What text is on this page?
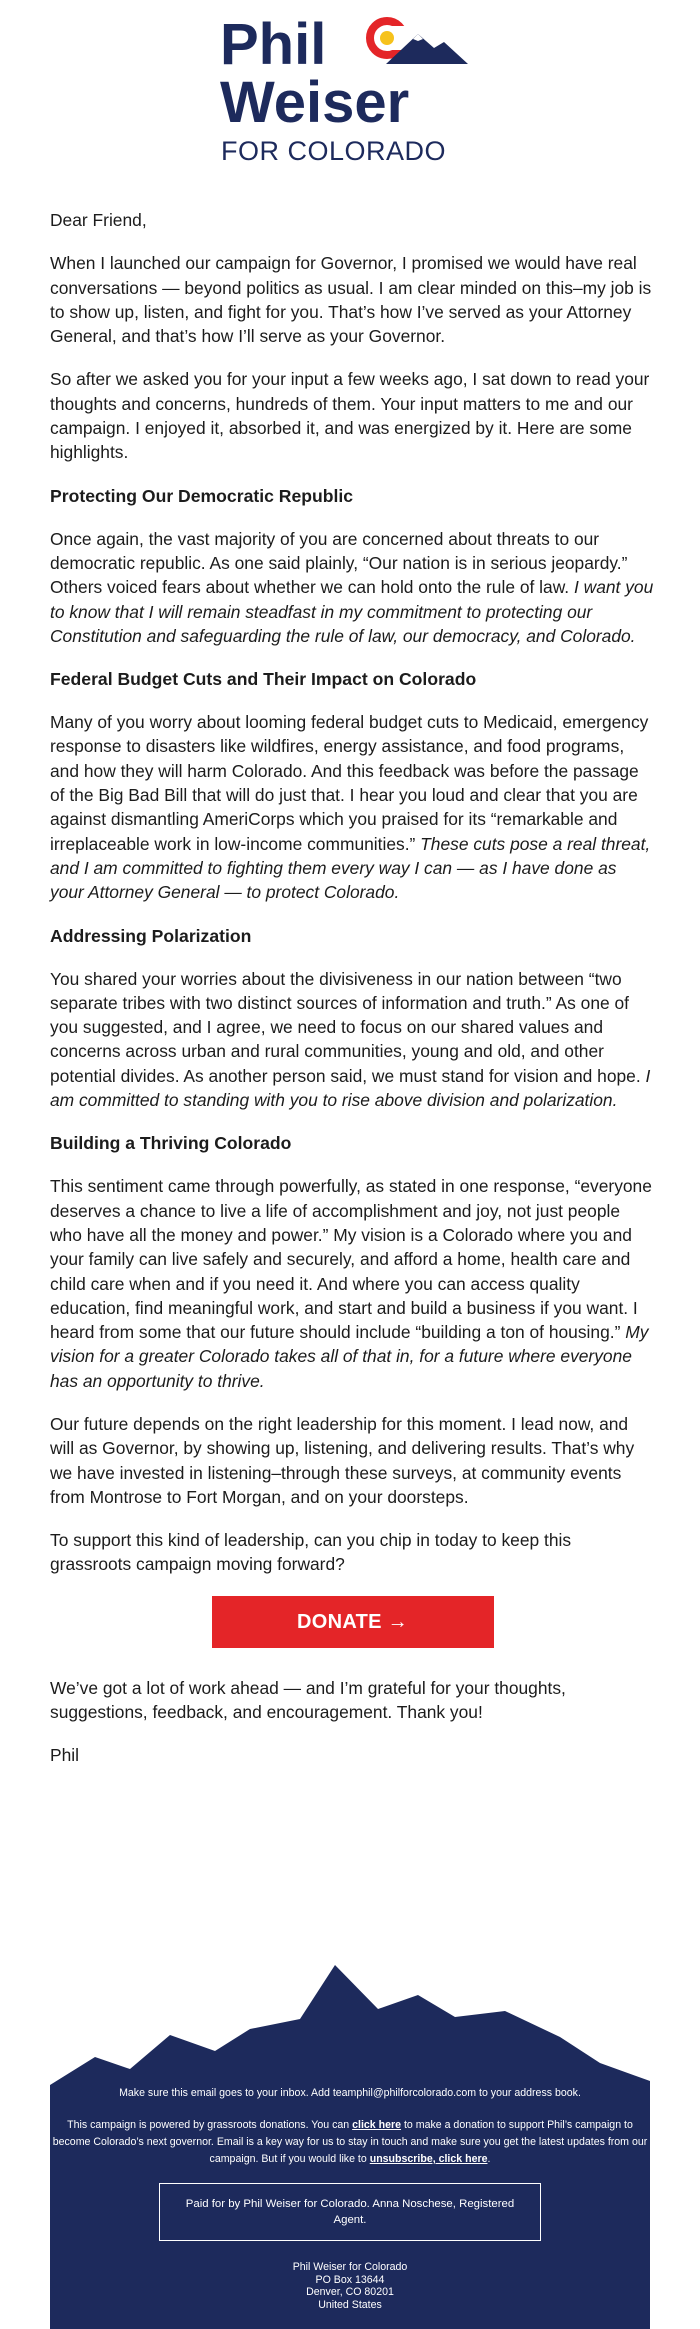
Phil
Weiser
FOR COLORADO

Dear Friend,

When I launched our campaign for Governor, I promised we would have real conversations — beyond politics as usual. I am clear minded on this–my job is to show up, listen, and fight for you. That’s how I’ve served as your Attorney General, and that’s how I’ll serve as your Governor.

So after we asked you for your input a few weeks ago, I sat down to read your thoughts and concerns, hundreds of them. Your input matters to me and our campaign. I enjoyed it, absorbed it, and was energized by it. Here are some highlights.

Protecting Our Democratic Republic

Once again, the vast majority of you are concerned about threats to our democratic republic. As one said plainly, “Our nation is in serious jeopardy.” Others voiced fears about whether we can hold onto the rule of law. I want you to know that I will remain steadfast in my commitment to protecting our Constitution and safeguarding the rule of law, our democracy, and Colorado.

Federal Budget Cuts and Their Impact on Colorado

Many of you worry about looming federal budget cuts to Medicaid, emergency response to disasters like wildfires, energy assistance, and food programs, and how they will harm Colorado. And this feedback was before the passage of the Big Bad Bill that will do just that. I hear you loud and clear that you are against dismantling AmeriCorps which you praised for its “remarkable and irreplaceable work in low-income communities.” These cuts pose a real threat, and I am committed to fighting them every way I can — as I have done as your Attorney General — to protect Colorado.

Addressing Polarization

You shared your worries about the divisiveness in our nation between “two separate tribes with two distinct sources of information and truth.” As one of you suggested, and I agree, we need to focus on our shared values and concerns across urban and rural communities, young and old, and other potential divides. As another person said, we must stand for vision and hope. I am committed to standing with you to rise above division and polarization.

Building a Thriving Colorado

This sentiment came through powerfully, as stated in one response, “everyone deserves a chance to live a life of accomplishment and joy, not just people who have all the money and power.” My vision is a Colorado where you and your family can live safely and securely, and afford a home, health care and child care when and if you need it. And where you can access quality education, find meaningful work, and start and build a business if you want. I heard from some that our future should include “building a ton of housing.” My vision for a greater Colorado takes all of that in, for a future where everyone has an opportunity to thrive.

Our future depends on the right leadership for this moment. I lead now, and will as Governor, by showing up, listening, and delivering results. That’s why we have invested in listening–through these surveys, at community events from Montrose to Fort Morgan, and on your doorsteps.

To support this kind of leadership, can you chip in today to keep this grassroots campaign moving forward?

DONATE →

We’ve got a lot of work ahead — and I’m grateful for your thoughts, suggestions, feedback, and encouragement. Thank you!

Phil

Make sure this email goes to your inbox. Add teamphil@philforcolorado.com to your address book.

This campaign is powered by grassroots donations. You can click here to make a donation to support Phil’s campaign to become Colorado’s next governor. Email is a key way for us to stay in touch and make sure you get the latest updates from our campaign. But if you would like to unsubscribe, click here.

Paid for by Phil Weiser for Colorado. Anna Noschese, Registered Agent.
Phil Weiser for Colorado
PO Box 13644
Denver, CO 80201
United States
